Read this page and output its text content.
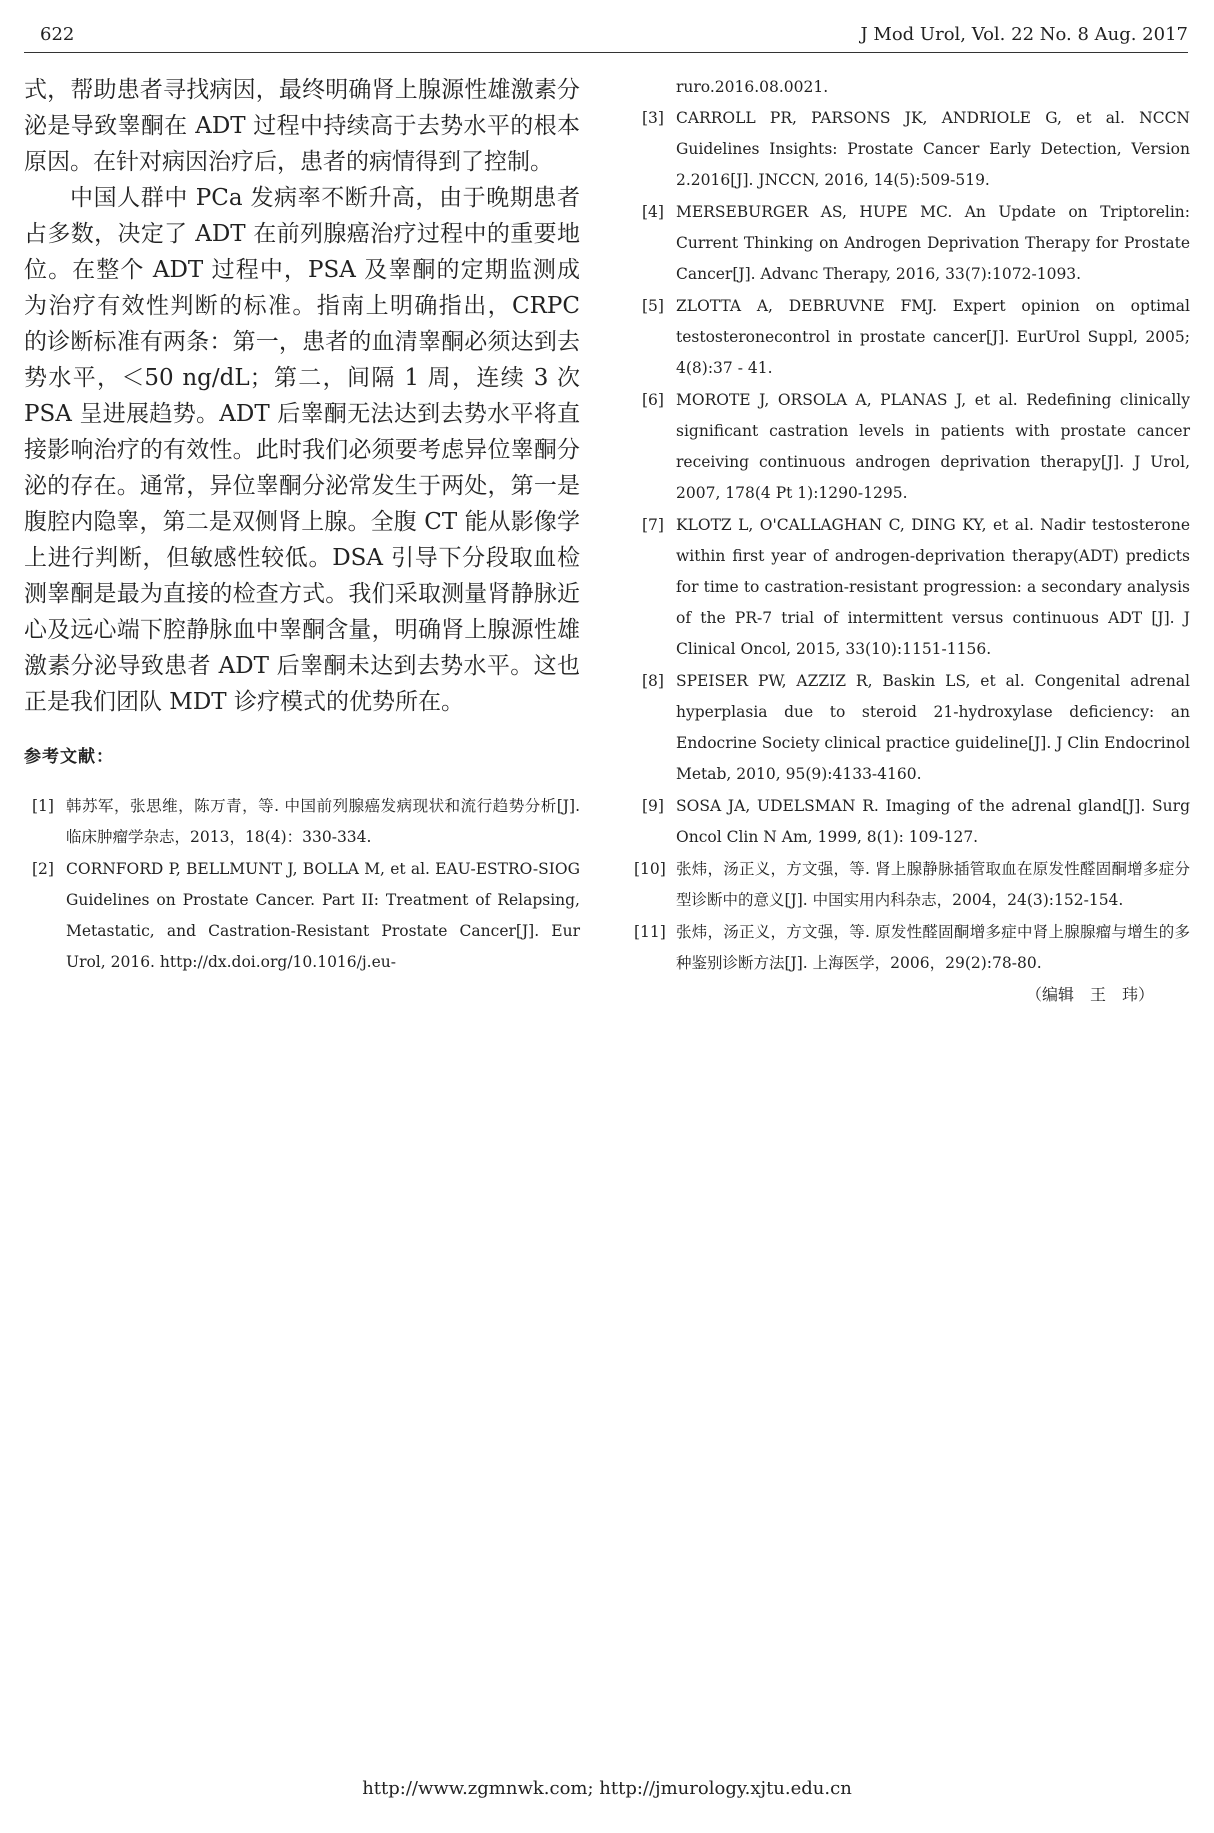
622	J Mod Urol, Vol. 22 No. 8 Aug. 2017

式，帮助患者寻找病因，最终明确肾上腺源性雄激素分泌是导致睾酮在 ADT 过程中持续高于去势水平的根本原因。在针对病因治疗后，患者的病情得到了控制。

中国人群中 PCa 发病率不断升高，由于晚期患者占多数，决定了 ADT 在前列腺癌治疗过程中的重要地位。在整个 ADT 过程中，PSA 及睾酮的定期监测成为治疗有效性判断的标准。指南上明确指出，CRPC 的诊断标准有两条：第一，患者的血清睾酮必须达到去势水平，＜50 ng/dL；第二，间隔 1 周，连续 3 次 PSA 呈进展趋势。ADT 后睾酮无法达到去势水平将直接影响治疗的有效性。此时我们必须要考虑异位睾酮分泌的存在。通常，异位睾酮分泌常发生于两处，第一是腹腔内隐睾，第二是双侧肾上腺。全腹 CT 能从影像学上进行判断，但敏感性较低。DSA 引导下分段取血检测睾酮是最为直接的检查方式。我们采取测量肾静脉近心及远心端下腔静脉血中睾酮含量，明确肾上腺源性雄激素分泌导致患者 ADT 后睾酮未达到去势水平。这也正是我们团队 MDT 诊疗模式的优势所在。

参考文献：
[1] 韩苏军，张思维，陈万青，等. 中国前列腺癌发病现状和流行趋势分析[J]. 临床肿瘤学杂志，2013，18(4)：330-334.
[2] CORNFORD P, BELLMUNT J, BOLLA M, et al. EAU-ESTRO-SIOG Guidelines on Prostate Cancer. Part II: Treatment of Relapsing, Metastatic, and Castration-Resistant Prostate Cancer[J]. Eur Urol, 2016. http://dx.doi.org/10.1016/j.eu-

ruro.2016.08.0021.

[3] CARROLL PR, PARSONS JK, ANDRIOLE G, et al. NCCN Guidelines Insights: Prostate Cancer Early Detection, Version 2.2016[J]. JNCCN, 2016, 14(5):509-519.
[4] MERSEBURGER AS, HUPE MC. An Update on Triptorelin: Current Thinking on Androgen Deprivation Therapy for Prostate Cancer[J]. Advanc Therapy, 2016, 33(7):1072-1093.
[5] ZLOTTA A, DEBRUVNE FMJ. Expert opinion on optimal testosteronecontrol in prostate cancer[J]. EurUrol Suppl, 2005; 4(8):37 - 41.
[6] MOROTE J, ORSOLA A, PLANAS J, et al. Redefining clinically significant castration levels in patients with prostate cancer receiving continuous androgen deprivation therapy[J]. J Urol, 2007, 178(4 Pt 1):1290-1295.
[7] KLOTZ L, O'CALLAGHAN C, DING KY, et al. Nadir testosterone within first year of androgen-deprivation therapy(ADT) predicts for time to castration-resistant progression: a secondary analysis of the PR-7 trial of intermittent versus continuous ADT [J]. J Clinical Oncol, 2015, 33(10):1151-1156.
[8] SPEISER PW, AZZIZ R, Baskin LS, et al. Congenital adrenal hyperplasia due to steroid 21-hydroxylase deficiency: an Endocrine Society clinical practice guideline[J]. J Clin Endocrinol Metab, 2010, 95(9):4133-4160.
[9] SOSA JA, UDELSMAN R. Imaging of the adrenal gland[J]. Surg Oncol Clin N Am, 1999, 8(1): 109-127.
[10] 张炜，汤正义，方文强，等. 肾上腺静脉插管取血在原发性醛固酮增多症分型诊断中的意义[J]. 中国实用内科杂志，2004，24(3):152-154.
[11] 张炜，汤正义，方文强，等. 原发性醛固酮增多症中肾上腺腺瘤与增生的多种鉴别诊断方法[J]. 上海医学，2006，29(2):78-80.
（编辑　王　玮）
http://www.zgmnwk.com; http://jmurology.xjtu.edu.cn
